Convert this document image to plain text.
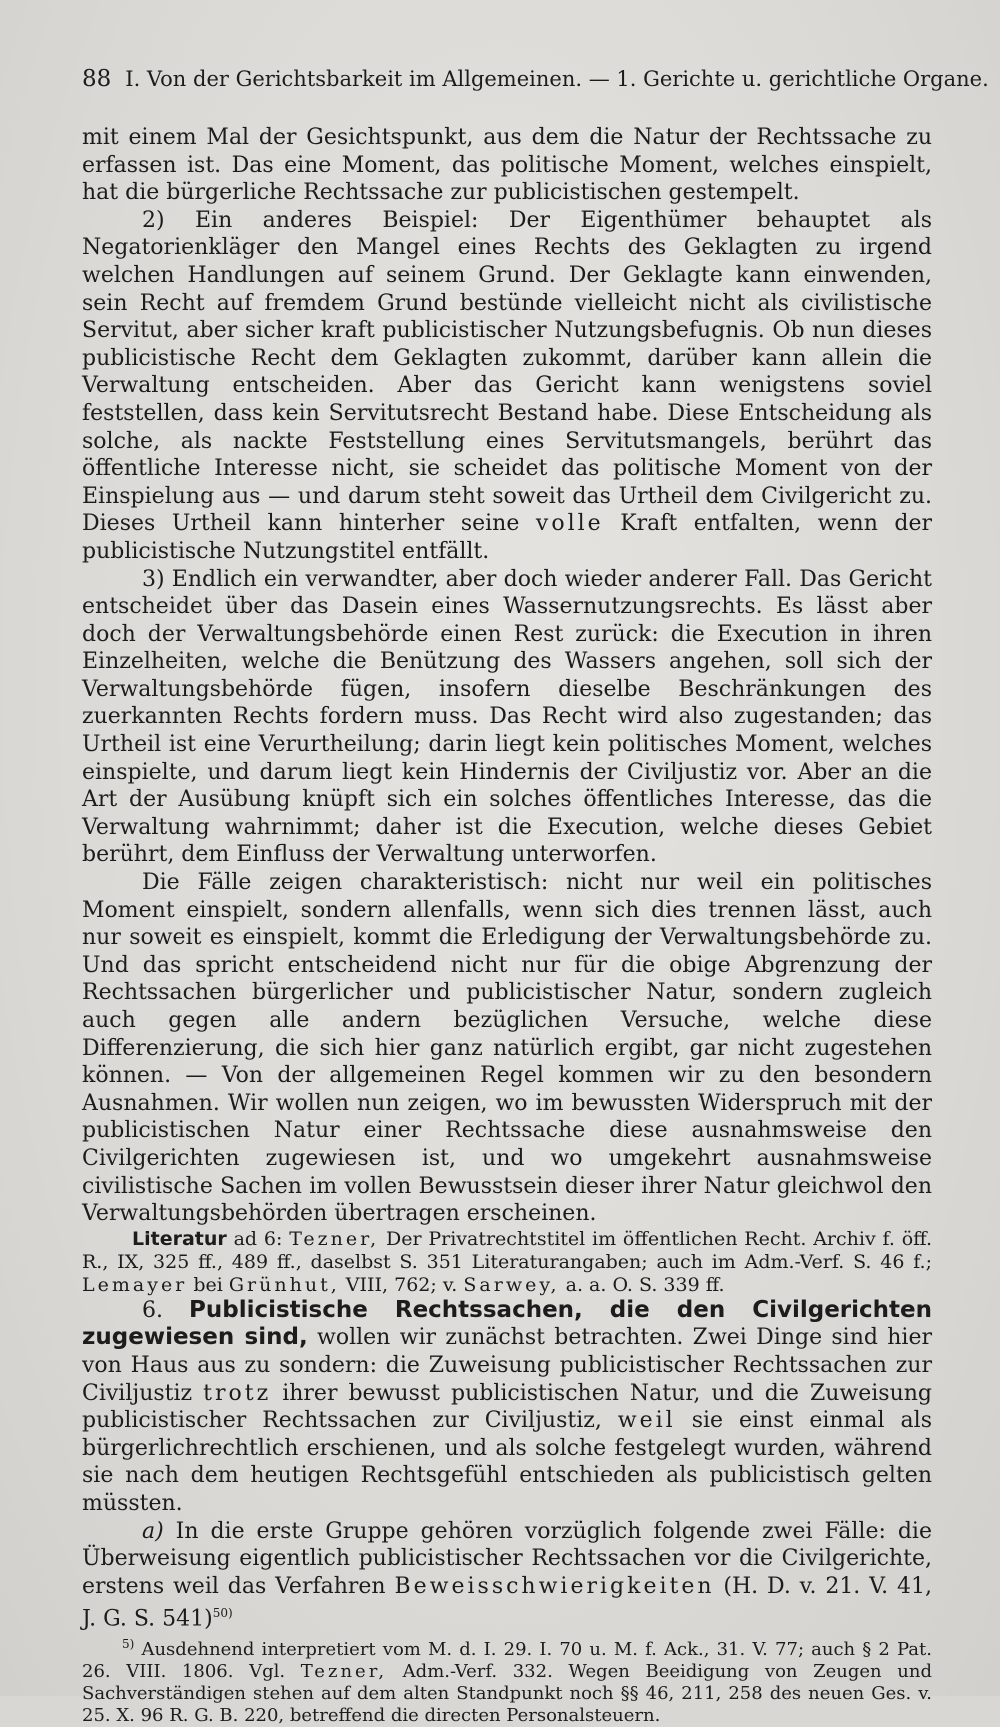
88 I. Von der Gerichtsbarkeit im Allgemeinen. — 1. Gerichte u. gerichtliche Organe.

mit einem Mal der Gesichtspunkt, aus dem die Natur der Rechtssache zu erfassen ist. Das eine Moment, das politische Moment, welches einspielt, hat die bürgerliche Rechtssache zur publicistischen gestempelt.

2) Ein anderes Beispiel: Der Eigenthümer behauptet als Negatorienkläger den Mangel eines Rechts des Geklagten zu irgend welchen Handlungen auf seinem Grund. Der Geklagte kann einwenden, sein Recht auf fremdem Grund bestünde vielleicht nicht als civilistische Servitut, aber sicher kraft publicistischer Nutzungsbefugnis. Ob nun dieses publicistische Recht dem Geklagten zukommt, darüber kann allein die Verwaltung entscheiden. Aber das Gericht kann wenigstens soviel feststellen, dass kein Servitutsrecht Bestand habe. Diese Entscheidung als solche, als nackte Feststellung eines Servitutsmangels, berührt das öffentliche Interesse nicht, sie scheidet das politische Moment von der Einspielung aus — und darum steht soweit das Urtheil dem Civilgericht zu. Dieses Urtheil kann hinterher seine volle Kraft entfalten, wenn der publicistische Nutzungstitel entfällt.

3) Endlich ein verwandter, aber doch wieder anderer Fall. Das Gericht entscheidet über das Dasein eines Wassernutzungsrechts. Es lässt aber doch der Verwaltungsbehörde einen Rest zurück: die Execution in ihren Einzelheiten, welche die Benützung des Wassers angehen, soll sich der Verwaltungsbehörde fügen, insofern dieselbe Beschränkungen des zuerkannten Rechts fordern muss. Das Recht wird also zugestanden; das Urtheil ist eine Verurtheilung; darin liegt kein politisches Moment, welches einspielte, und darum liegt kein Hindernis der Civiljustiz vor. Aber an die Art der Ausübung knüpft sich ein solches öffentliches Interesse, das die Verwaltung wahrnimmt; daher ist die Execution, welche dieses Gebiet berührt, dem Einfluss der Verwaltung unterworfen.

Die Fälle zeigen charakteristisch: nicht nur weil ein politisches Moment einspielt, sondern allenfalls, wenn sich dies trennen lässt, auch nur soweit es einspielt, kommt die Erledigung der Verwaltungsbehörde zu. Und das spricht entscheidend nicht nur für die obige Abgrenzung der Rechtssachen bürgerlicher und publicistischer Natur, sondern zugleich auch gegen alle andern bezüglichen Versuche, welche diese Differenzierung, die sich hier ganz natürlich ergibt, gar nicht zugestehen können. — Von der allgemeinen Regel kommen wir zu den besondern Ausnahmen. Wir wollen nun zeigen, wo im bewussten Widerspruch mit der publicistischen Natur einer Rechtssache diese ausnahmsweise den Civilgerichten zugewiesen ist, und wo umgekehrt ausnahmsweise civilistische Sachen im vollen Bewusstsein dieser ihrer Natur gleichwol den Verwaltungsbehörden übertragen erscheinen.

Literatur ad 6: Tezner, Der Privatrechtstitel im öffentlichen Recht. Archiv f. öff. R., IX, 325 ff., 489 ff., daselbst S. 351 Literaturangaben; auch im Adm.-Verf. S. 46 f.; Lemayer bei Grünhut, VIII, 762; v. Sarwey, a. a. O. S. 339 ff.

6. Publicistische Rechtssachen, die den Civilgerichten zugewiesen sind, wollen wir zunächst betrachten. Zwei Dinge sind hier von Haus aus zu sondern: die Zuweisung publicistischer Rechtssachen zur Civiljustiz trotz ihrer bewusst publicistischen Natur, und die Zuweisung publicistischer Rechtssachen zur Civiljustiz, weil sie einst einmal als bürgerlichrechtlich erschienen, und als solche festgelegt wurden, während sie nach dem heutigen Rechtsgefühl entschieden als publicistisch gelten müssten.

a) In die erste Gruppe gehören vorzüglich folgende zwei Fälle: die Überweisung eigentlich publicistischer Rechtssachen vor die Civilgerichte, erstens weil das Verfahren Beweisschwierigkeiten (H. D. v. 21. V. 41, J. G. S. 541)$^{50)}$

$^{5)}$ Ausdehnend interpretiert vom M. d. I. 29. I. 70 u. M. f. Ack., 31. V. 77; auch § 2 Pat. 26. VIII. 1806. Vgl. Tezner, Adm.-Verf. 332. Wegen Beeidigung von Zeugen und Sachverständigen stehen auf dem alten Standpunkt noch §§ 46, 211, 258 des neuen Ges. v. 25. X. 96 R. G. B. 220, betreffend die directen Personalsteuern.
